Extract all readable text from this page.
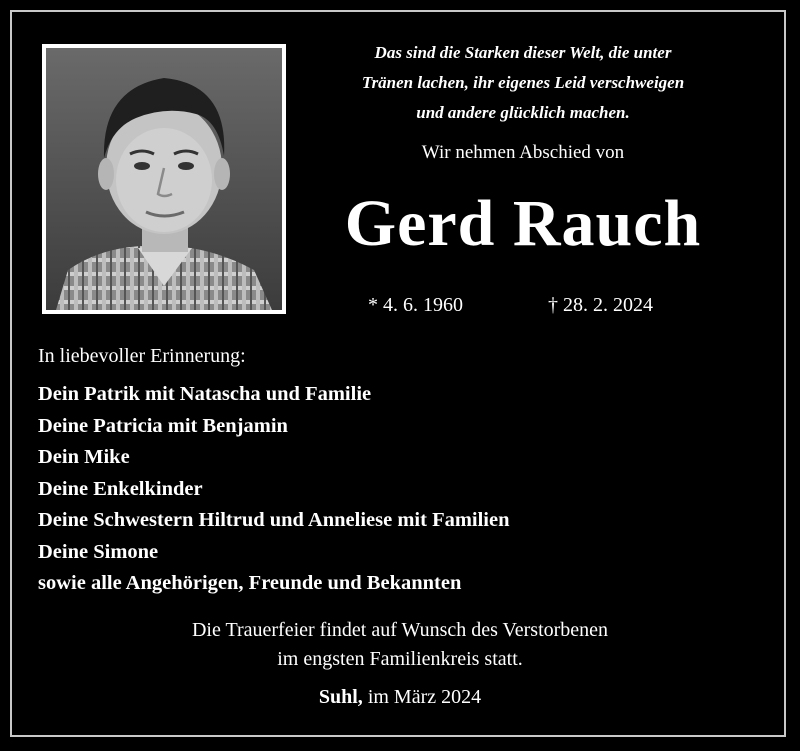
Das sind die Starken dieser Welt, die unter
Tränen lachen, ihr eigenes Leid verschweigen
und andere glücklich machen.
Wir nehmen Abschied von
Gerd Rauch
* 4. 6. 1960	† 28. 2. 2024
In liebevoller Erinnerung:
Dein Patrik mit Natascha und Familie
Deine Patricia mit Benjamin
Dein Mike
Deine Enkelkinder
Deine Schwestern Hiltrud und Anneliese mit Familien
Deine Simone
sowie alle Angehörigen, Freunde und Bekannten
Die Trauerfeier findet auf Wunsch des Verstorbenen
im engsten Familienkreis statt.
Suhl, im März 2024
